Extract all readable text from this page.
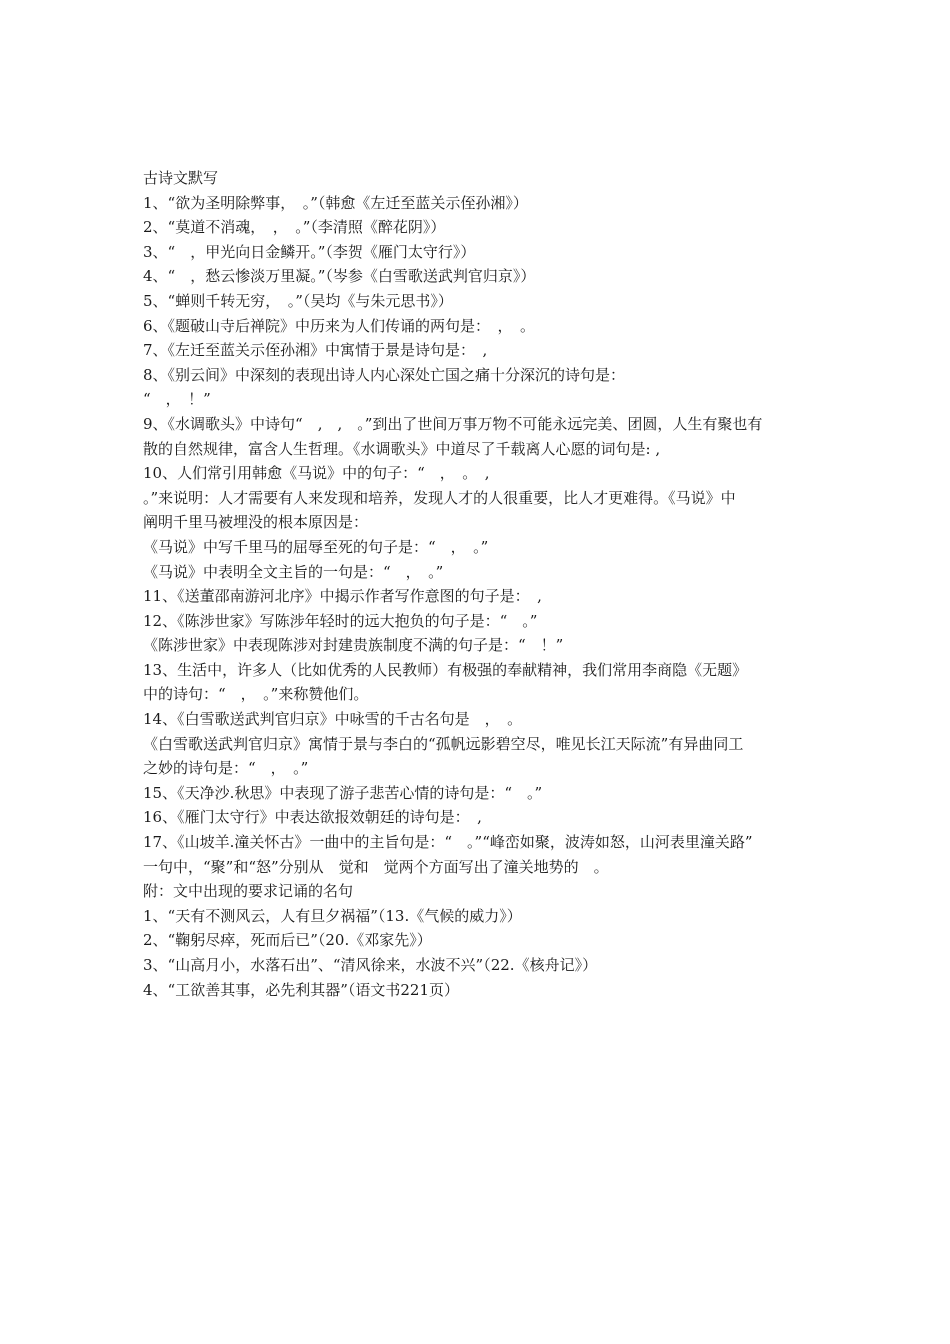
古诗文默写
1、“欲为圣明除弊事，　。”（韩愈《左迁至蓝关示侄孙湘》）
2、“莫道不消魂，　，　。”（李清照《醉花阴》）
3、“　，甲光向日金鳞开。”（李贺《雁门太守行》）
4、“　，愁云惨淡万里凝。”（岑参《白雪歌送武判官归京》）
5、“蝉则千转无穷，　。”（吴均《与朱元思书》）
6、《题破山寺后禅院》中历来为人们传诵的两句是：　，　。
7、《左迁至蓝关示侄孙湘》中寓情于景是诗句是：　,
8、《别云间》中深刻的表现出诗人内心深处亡国之痛十分深沉的诗句是：
“　，　！”
9、《水调歌头》中诗句“　,　,　。”到出了世间万事万物不可能永远完美、团圆，人生有聚也有
散的自然规律，富含人生哲理。《水调歌头》中道尽了千载离人心愿的词句是: ,
10、人们常引用韩愈《马说》中的句子：“　，　。　,
。”来说明：人才需要有人来发现和培养，发现人才的人很重要，比人才更难得。《马说》中
阐明千里马被埋没的根本原因是：
《马说》中写千里马的屈辱至死的句子是：“　，　。”
《马说》中表明全文主旨的一句是：“　，　。”
11、《送董邵南游河北序》中揭示作者写作意图的句子是：　,
12、《陈涉世家》写陈涉年轻时的远大抱负的句子是：“　。”
《陈涉世家》中表现陈涉对封建贵族制度不满的句子是：“　！”
13、生活中，许多人（比如优秀的人民教师）有极强的奉献精神，我们常用李商隐《无题》
中的诗句：“　，　。”来称赞他们。
14、《白雪歌送武判官归京》中咏雪的千古名句是　，　。
《白雪歌送武判官归京》寓情于景与李白的“孤帆远影碧空尽，唯见长江天际流”有异曲同工
之妙的诗句是：“　，　。”
15、《天净沙.秋思》中表现了游子悲苦心情的诗句是：“　。”
16、《雁门太守行》中表达欲报效朝廷的诗句是：　,
17、《山坡羊.潼关怀古》一曲中的主旨句是：“　。”“峰峦如聚，波涛如怒，山河表里潼关路”
一句中，“聚”和“怒”分别从　觉和　觉两个方面写出了潼关地势的　。
附：文中出现的要求记诵的名句
1、“天有不测风云，人有旦夕祸福”（13.《气候的威力》）
2、“鞠躬尽瘁，死而后已”（20.《邓家先》）
3、“山高月小，水落石出”、“清风徐来，水波不兴”（22.《核舟记》）
4、“工欲善其事，必先利其器”（语文书221页）
